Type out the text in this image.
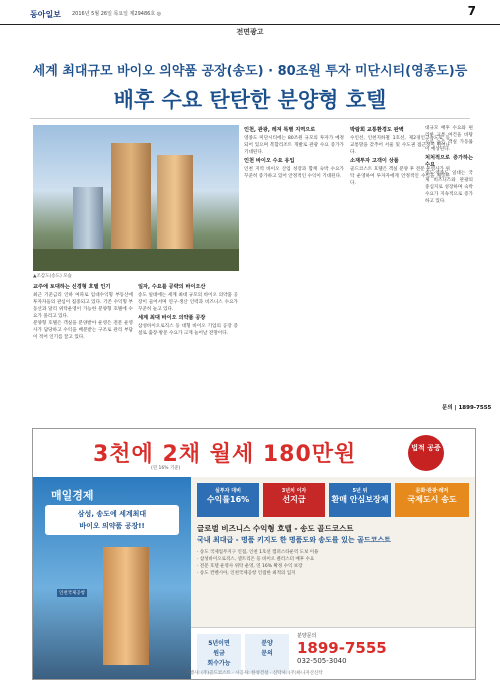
동아일보 2016년 5월 26일 목요일 제29486호 ◎	7
전면광고
세계 최대규모 바이오 의약품 공장(송도) · 80조원 투자 미단시티(영종도)등
배후 수요 탄탄한 분양형 호텔
▲조감도(송도) 모습
교주에 토대하는 신경형 호텔 인기

최근 기준금리 인하 여파로 임대수익형 부동산에 투자자들의 관심이 집중되고 있다. 기존 수익형 부동산과 달리 위탁운영이 가능한 분양형 호텔에 수요가 몰리고 있다.

분양형 호텔은 객실을 분양받아 운영은 전문 운영사가 담당하고 수익을 배분받는 구조로 관리 부담이 적어 인기를 끌고 있다.

일자, 수요를 공략의 바이오산

송도 일대에는 세계 최대 규모의 바이오 의약품 공장이 들어서며 연구·생산 인력과 비즈니스 수요가 꾸준히 늘고 있다.

세계 최대 바이오 의약품 공장

삼성바이오로직스 등 대형 바이오 기업의 공장 증설로 출장·방문 수요가 크게 늘어날 전망이다.

인천, 관광, 레져 특별 지역으로

영종도 미단시티에는 80조원 규모의 투자가 예정되어 있으며 복합리조트 개발로 관광 수요 증가가 기대된다.

인천 바이오 수요 유입

인천 지역 바이오 산업 성장과 함께 숙박 수요가 꾸준히 증가하고 있어 안정적인 수익이 기대된다.

박람회 교통환경도 완벽

수인선, 인천지하철 1호선, 제2경인고속도로 등 교통망을 갖추어 서울 및 수도권 접근성이 뛰어나다.

소재투자 고객이 상품

골드코스트 호텔은 객실 분양 후 전문 운영사가 위탁 운영하여 투자자에게 안정적인 수익을 제공한다.

대규모 배후 수요와 편리한 교통 여건을 바탕으로 높은 객실 가동률이 예상된다.

처처적으로 증가하는 수요

송도·영종도 일대는 국제 비즈니스와 관광의 중심지로 성장하며 숙박 수요가 지속적으로 증가하고 있다.

문의 | 1899-7555
3천에 2채 월세 180만원
(연 16% 기준)
법적 공증
매일경제
삼성, 송도에 세계최대
바이오 의약품 공장!!
인천국제공항
실투자 대비
수익률16%
3년치 이자
선지급
5년 뒤
환매 안심보장제
문화·관광·레저
국제도시 송도
글로벌 비즈니스 수익형 호텔 - 송도 골드코스트
국내 최대급 - 명품 키지도 한 명품도와 송도를 있는 골드코스트
· 송도 국제업무지구 인접, 인천 1호선 캠퍼스타운역 도보 이용
· 삼성바이오로직스, 셀트리온 등 바이오 클러스터 배후 수요
· 전문 호텔 운영사 위탁 운영, 연 16% 확정 수익 보장
· 송도 컨벤시아, 인천국제공항 인접한 최적의 입지
5년이면
원금
회수가능
분양
문의
분양문의
1899-7555
032-505-3040
시행사: (주)골드코스트 · 시공사: 한성건설 · 신탁사: (주)하나자산신탁
